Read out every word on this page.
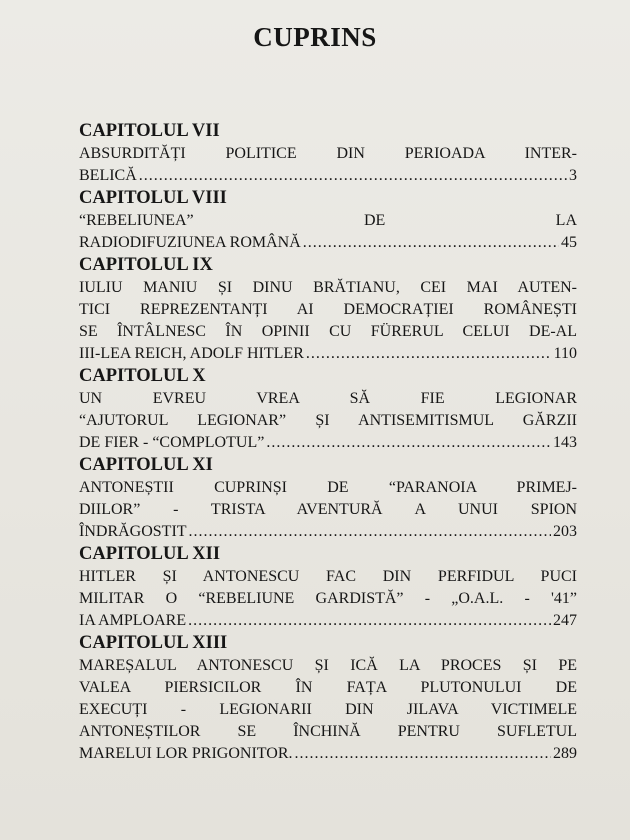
CUPRINS
CAPITOLUL VII
ABSURDITĂȚI POLITICE DIN PERIOADA INTER-
BELICĂ .....	3
CAPITOLUL VIII
“REBELIUNEA” DE LA
RADIODIFUZIUNEA ROMÂNĂ .....	45
CAPITOLUL IX
IULIU MANIU ȘI DINU BRĂTIANU, CEI MAI AUTEN-
TICI REPREZENTANȚI AI DEMOCRAȚIEI ROMÂNEȘTI
SE ÎNTÂLNESC ÎN OPINII CU FÜRERUL CELUI DE-AL
III-LEA REICH, ADOLF HITLER .....	110
CAPITOLUL X
UN EVREU VREA SĂ FIE LEGIONAR
“AJUTORUL LEGIONAR” ȘI ANTISEMITISMUL GĂRZII
DE FIER - “COMPLOTUL” .....	143
CAPITOLUL XI
ANTONEȘTII CUPRINȘI DE “PARANOIA PRIMEJ-
DIILOR” - TRISTA AVENTURĂ A UNUI SPION
ÎNDRĂGOSTIT .....	203
CAPITOLUL XII
HITLER ȘI ANTONESCU FAC DIN PERFIDUL PUCI
MILITAR O “REBELIUNE GARDISTĂ” - „O.A.L. - '41”
IA AMPLOARE .....	247
CAPITOLUL XIII
MAREȘALUL ANTONESCU ȘI ICĂ LA PROCES ȘI PE
VALEA PIERSICILOR ÎN FAȚA PLUTONULUI DE
EXECUȚI - LEGIONARII DIN JILAVA VICTIMELE
ANTONEȘTILOR SE ÎNCHINĂ PENTRU SUFLETUL
MARELUI LOR PRIGONITOR. .....	289
